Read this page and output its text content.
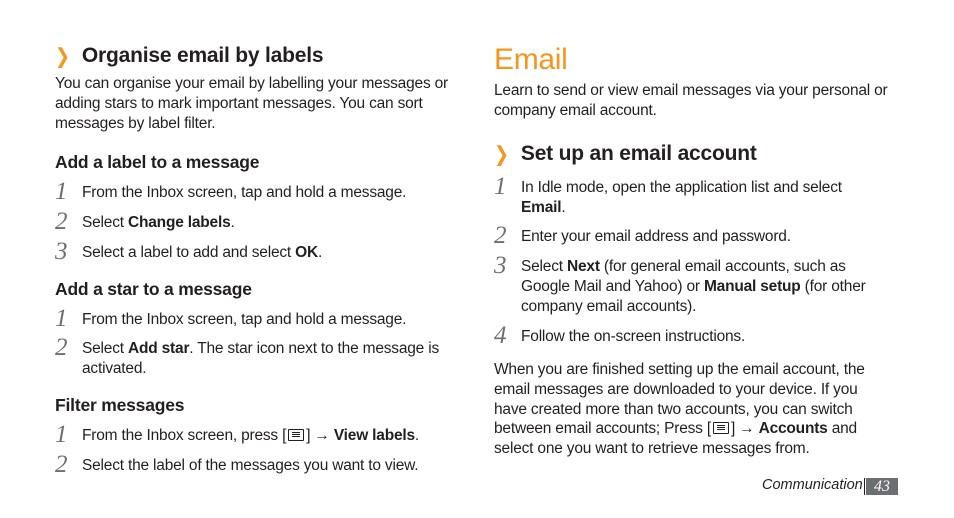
❯ Organise email by labels
You can organise your email by labelling your messages or adding stars to mark important messages. You can sort messages by label filter.
Add a label to a message
1 From the Inbox screen, tap and hold a message.
2 Select Change labels.
3 Select a label to add and select OK.
Add a star to a message
1 From the Inbox screen, tap and hold a message.
2 Select Add star. The star icon next to the message is activated.
Filter messages
1 From the Inbox screen, press [ ] → View labels.
2 Select the label of the messages you want to view.
Email
Learn to send or view email messages via your personal or company email account.
❯ Set up an email account
1 In Idle mode, open the application list and select Email.
2 Enter your email address and password.
3 Select Next (for general email accounts, such as Google Mail and Yahoo) or Manual setup (for other company email accounts).
4 Follow the on-screen instructions.
When you are finished setting up the email account, the email messages are downloaded to your device. If you have created more than two accounts, you can switch between email accounts; Press [ ] → Accounts and select one you want to retrieve messages from.
Communication 43
